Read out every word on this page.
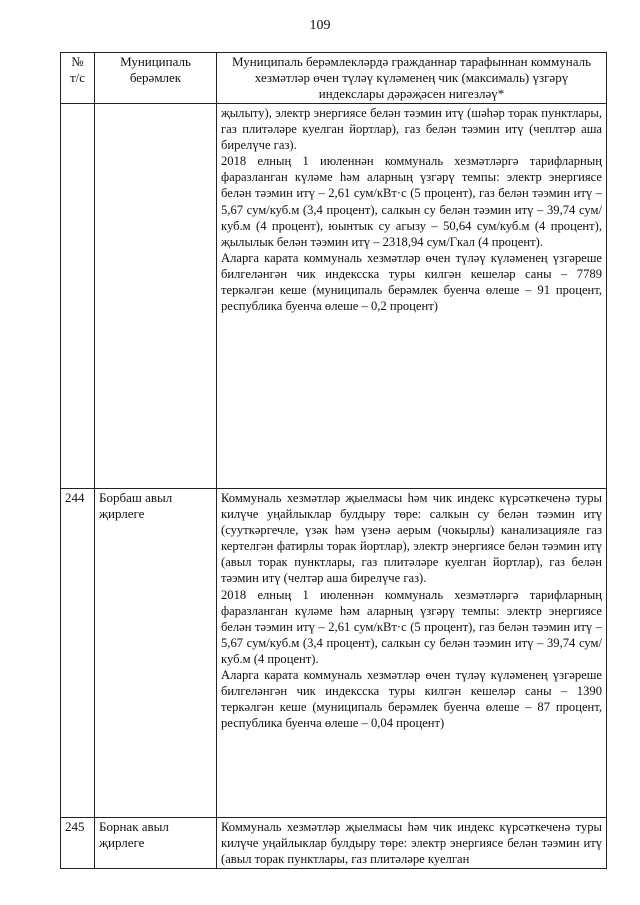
109
№
т/с	Муниципаль берәмлек	Муниципаль берәмлекләрдә гражданнар тарафыннан коммуналь хезмәтләр өчен түләү күләменең чик (максималь) үзгәрү индекслары дәрәҗәсен нигезләү*

		җылыту), электр энергиясе белән тәэмин итү (шәһәр торак пунктлары, газ плитәләре куелган йортлар), газ белән тәэмин итү (чеплтәр аша бирелүче газ).

2018 елның 1 июленнән коммуналь хезмәтләргә тарифларның фаразланган күләме һәм аларның үзгәрү темпы: электр энергиясе белән тәэмин итү – 2,61 сум/кВт·с (5 процент), газ белән тәэмин итү – 5,67 сум/куб.м (3,4 процент), салкын су белән тәэмин итү – 39,74 сум/куб.м (4 процент), юынтык су агызу – 50,64 сум/куб.м (4 процент), җылылык белән тәэмин итү – 2318,94 сум/Гкал (4 процент).

Аларга карата коммуналь хезмәтләр өчен түләү күләменең үзгәреше билгеләнгән чик индексска туры килгән кешеләр саны – 7789 теркәлгән кеше (муниципаль берәмлек буенча өлеше – 91 процент, республика буенча өлеше – 0,2 процент)

244	Борбаш авыл җирлеге	Коммуналь хезмәтләр җыелмасы һәм чик индекс күрсәткеченә туры килүче уңайлыклар булдыру төре: салкын су белән тәэмин итү (сууткәргечле, үзәк һәм үзенә аерым (чокырлы) канализацияле газ кертелгән фатирлы торак йортлар), электр энергиясе белән тәэмин итү (авыл торак пунктлары, газ плитәләре куелган йортлар), газ белән тәэмин итү (челтәр аша бирелүче газ).

2018 елның 1 июленнән коммуналь хезмәтләргә тарифларның фаразланган күләме һәм аларның үзгәрү темпы: электр энергиясе белән тәэмин итү – 2,61 сум/кВт·с (5 процент), газ белән тәэмин итү – 5,67 сум/куб.м (3,4 процент), салкын су белән тәэмин итү – 39,74 сум/куб.м (4 процент).

Аларга карата коммуналь хезмәтләр өчен түләү күләменең үзгәреше билгеләнгән чик индексска туры килгән кешеләр саны – 1390 теркәлгән кеше (муниципаль берәмлек буенча өлеше – 87 процент, республика буенча өлеше – 0,04 процент)

245	Борнак авыл җирлеге	Коммуналь хезмәтләр җыелмасы һәм чик индекс күрсәткеченә туры килүче уңайлыклар булдыру төре: электр энергиясе белән тәэмин итү (авыл торак пунктлары, газ плитәләре куелган
